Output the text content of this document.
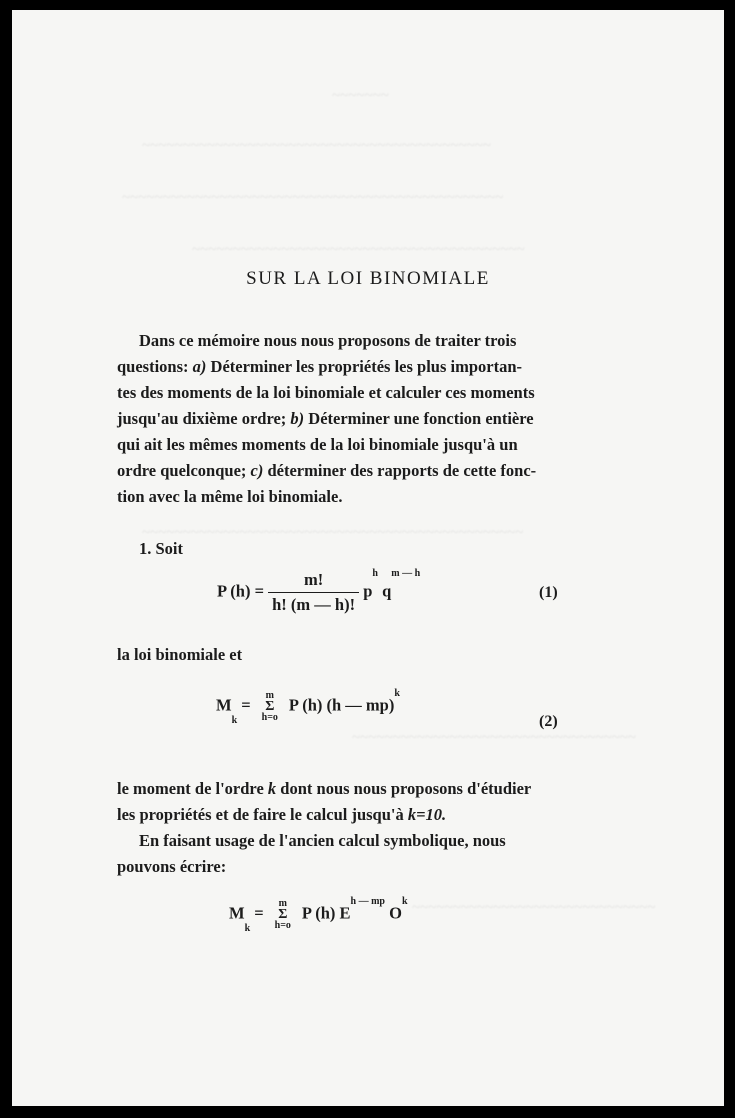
~~~~~~~
~~~~~~~~~~~~~~~~~~~~~~~~~~~~~~~~~~~~~~~~~~~
~~~~~~~~~~~~~~~~~~~~~~~~~~~~~~~~~~~~~~~~~~~~~~~
~~~~~~~~~~~~~~~~~~~~~~~~~~~~~~~~~~~~~~~~~
~~~~~~~~~~~~~~~~~~~~~~~~~~~~~~~~~~~~~~~~~~~~~~~
~~~~~~~~~~~~~~~~~~~~~~~~~~~~~~~~~~~
~~~~~~~~~~~~~~~~~~~~~~~~~~~~~~
SUR LA LOI BINOMIALE
Dans ce mémoire nous nous proposons de traiter trois
questions: a) Déterminer les propriétés les plus importan-
tes des moments de la loi binomiale et calculer ces moments
jusqu'au dixième ordre; b) Déterminer une fonction entière
qui ait les mêmes moments de la loi binomiale jusqu'à un
ordre quelconque; c) déterminer des rapports de cette fonc-
tion avec la même loi binomiale.
1. Soit
P $(h) = \frac{m!}{h! (m — h)!} p^h$ $q^{m — h}$
(1)
la loi binomiale et
Mk = m
Σ
h=o P (h) (h — mp)$^k$
(2)
le moment de l'ordre k dont nous nous proposons d'étudier
les propriétés et de faire le calcul jusqu'à k=10.
En faisant usage de l'ancien calcul symbolique, nous
pouvons écrire:
Mk = m
Σ
h=o P (h) $E^{h — mp}$ $O^k$
